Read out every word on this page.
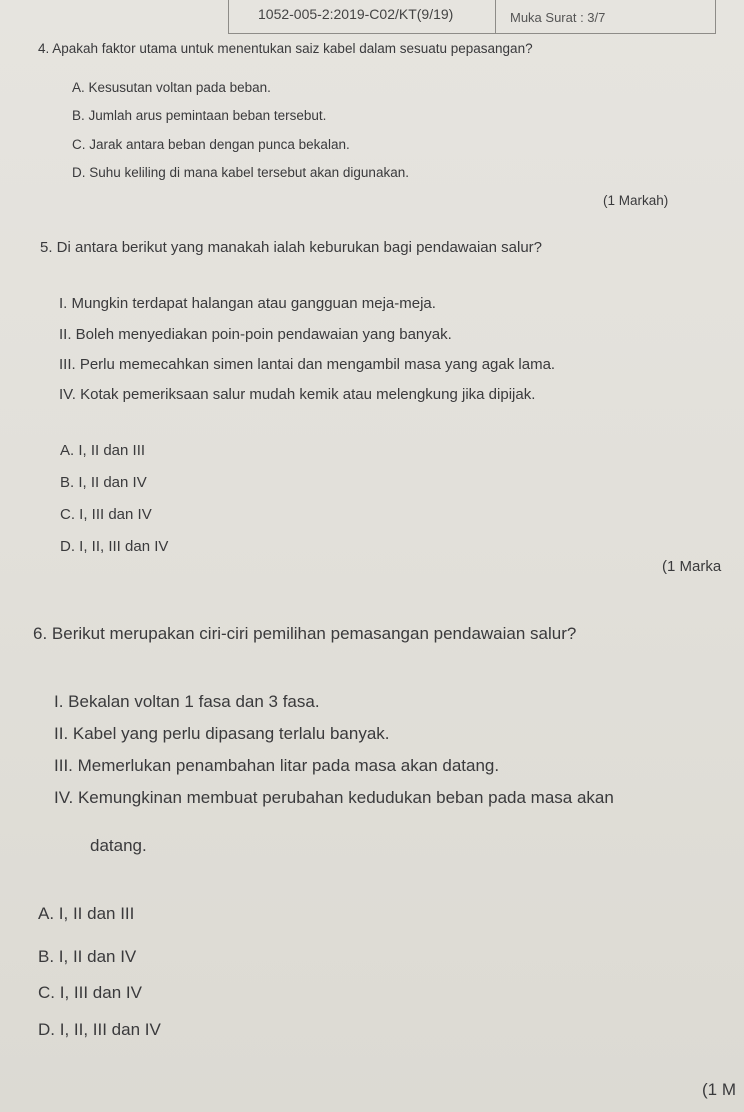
1052-005-2:2019-C02/KT(9/19)	Muka Surat : 3/7
4. Apakah faktor utama untuk menentukan saiz kabel dalam sesuatu pepasangan?
A. Kesusutan voltan pada beban.
B. Jumlah arus pemintaan beban tersebut.
C. Jarak antara beban dengan punca bekalan.
D. Suhu keliling di mana kabel tersebut akan digunakan.
(1 Markah)
5. Di antara berikut yang manakah ialah keburukan bagi pendawaian salur?
I. Mungkin terdapat halangan atau gangguan meja-meja.
II. Boleh menyediakan poin-poin pendawaian yang banyak.
III. Perlu memecahkan simen lantai dan mengambil masa yang agak lama.
IV. Kotak pemeriksaan salur mudah kemik atau melengkung jika dipijak.
A. I, II dan III
B. I, II dan IV
C. I, III dan IV
D. I, II, III dan IV
(1 Marka
6. Berikut merupakan ciri-ciri pemilihan pemasangan pendawaian salur?
I. Bekalan voltan 1 fasa dan 3 fasa.
II. Kabel yang perlu dipasang terlalu banyak.
III. Memerlukan penambahan litar pada masa akan datang.
IV. Kemungkinan membuat perubahan kedudukan beban pada masa akan
datang.
A. I, II dan III
B. I, II dan IV
C. I, III dan IV
D. I, II, III dan IV
(1 M
